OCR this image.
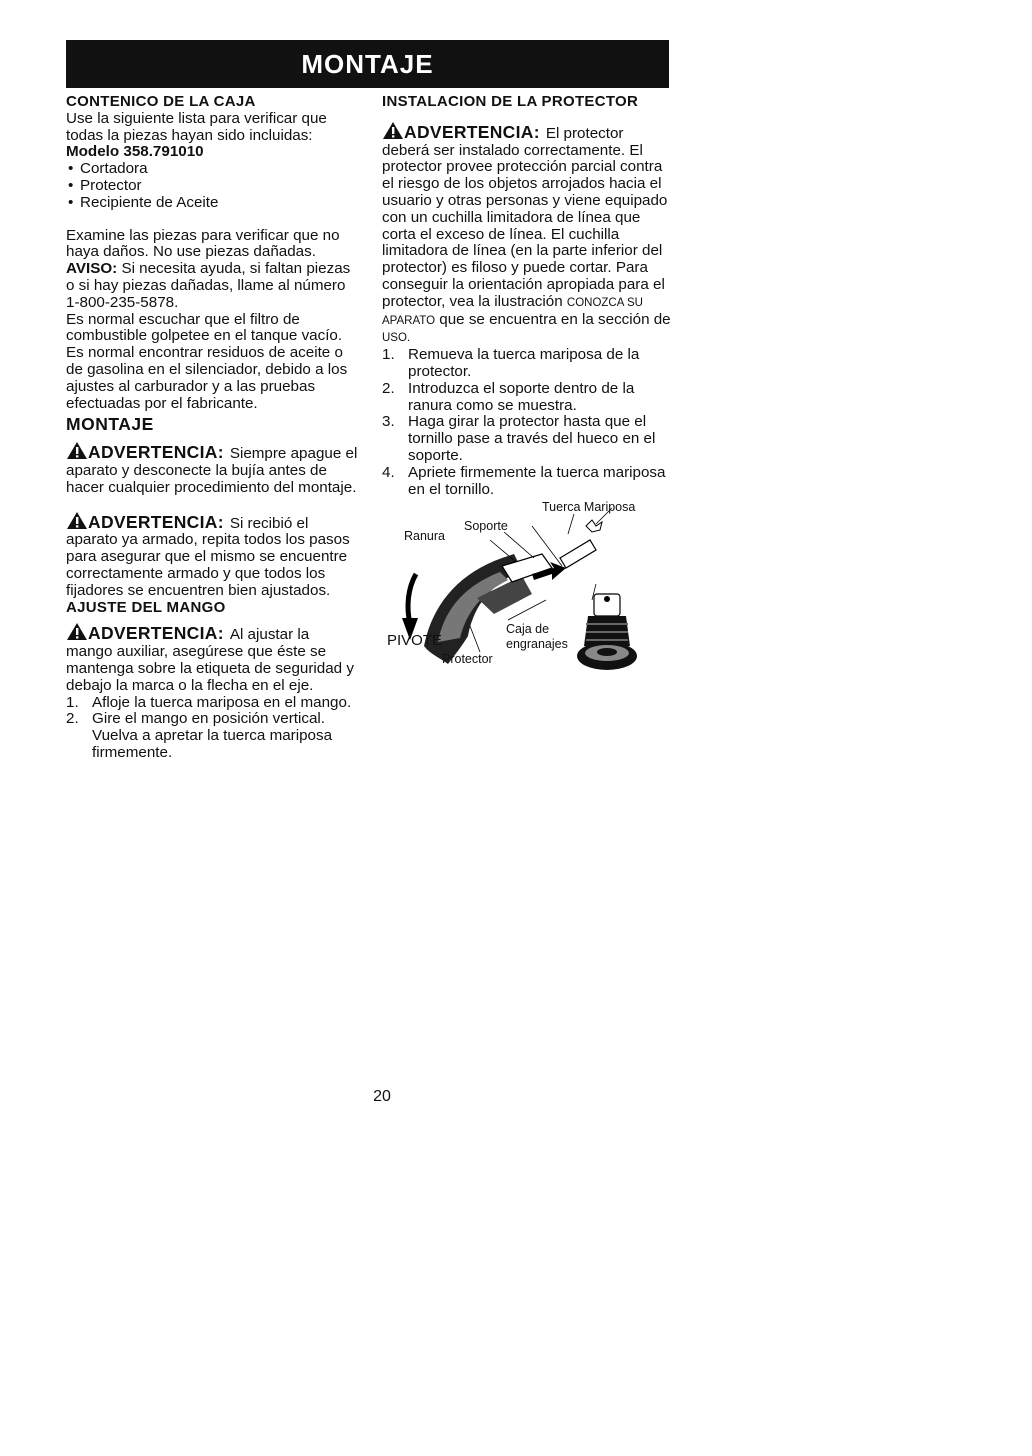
MONTAJE
CONTENICO DE LA CAJA

Use la siguiente lista para verificar que todas la piezas hayan sido incluidas:

Modelo 358.791010
• Cortadora
• Protector
• Recipiente de Aceite

Examine las piezas para verificar que no haya daños. No use piezas dañadas.

AVISO: Si necesita ayuda, si faltan piezas o si hay piezas dañadas, llame al número 1-800-235-5878.

Es normal escuchar que el filtro de combustible golpetee en el tanque vacío.

Es normal encontrar residuos de aceite o de gasolina en el silenciador, debido a los ajustes al carburador y a las pruebas efectuadas por el fabricante.

MONTAJE
ADVERTENCIA: Siempre apague el aparato y desconecte la bujía antes de hacer cualquier procedimiento del montaje.
ADVERTENCIA: Si recibió el aparato ya armado, repita todos los pasos para asegurar que el mismo se encuentre correctamente armado y que todos los fijadores se encuentren bien ajustados.
AJUSTE DEL MANGO
ADVERTENCIA: Al ajustar la mango auxiliar, asegúrese que éste se mantenga sobre la etiqueta de seguridad y debajo la marca o la flecha en el eje.
1. Afloje la tuerca mariposa en el mango.
2. Gire el mango en posición vertical. Vuelva a apretar la tuerca mariposa firmemente.
INSTALACION DE LA PROTECTOR
ADVERTENCIA: El protector deberá ser instalado correctamente. El protector provee protección parcial contra el riesgo de los objetos arrojados hacia el usuario y otras personas y viene equipado con un cuchilla limitadora de línea que corta el exceso de línea. El cuchilla limitadora de línea (en la parte inferior del protector) es filoso y puede cortar. Para conseguir la orientación apropiada para el protector, vea la ilustración CONOZCA SU APARATO que se encuentra en la sección de USO.
1. Remueva la tuerca mariposa de la protector.
2. Introduzca el soporte dentro de la ranura como se muestra.
3. Haga girar la protector hasta que el tornillo pase a través del hueco en el soporte.
4. Apriete firmemente la tuerca mariposa en el tornillo.
Tuerca Mariposa
Soporte
Ranura
PIVOTE
Caja de
engranajes
Protector
20
